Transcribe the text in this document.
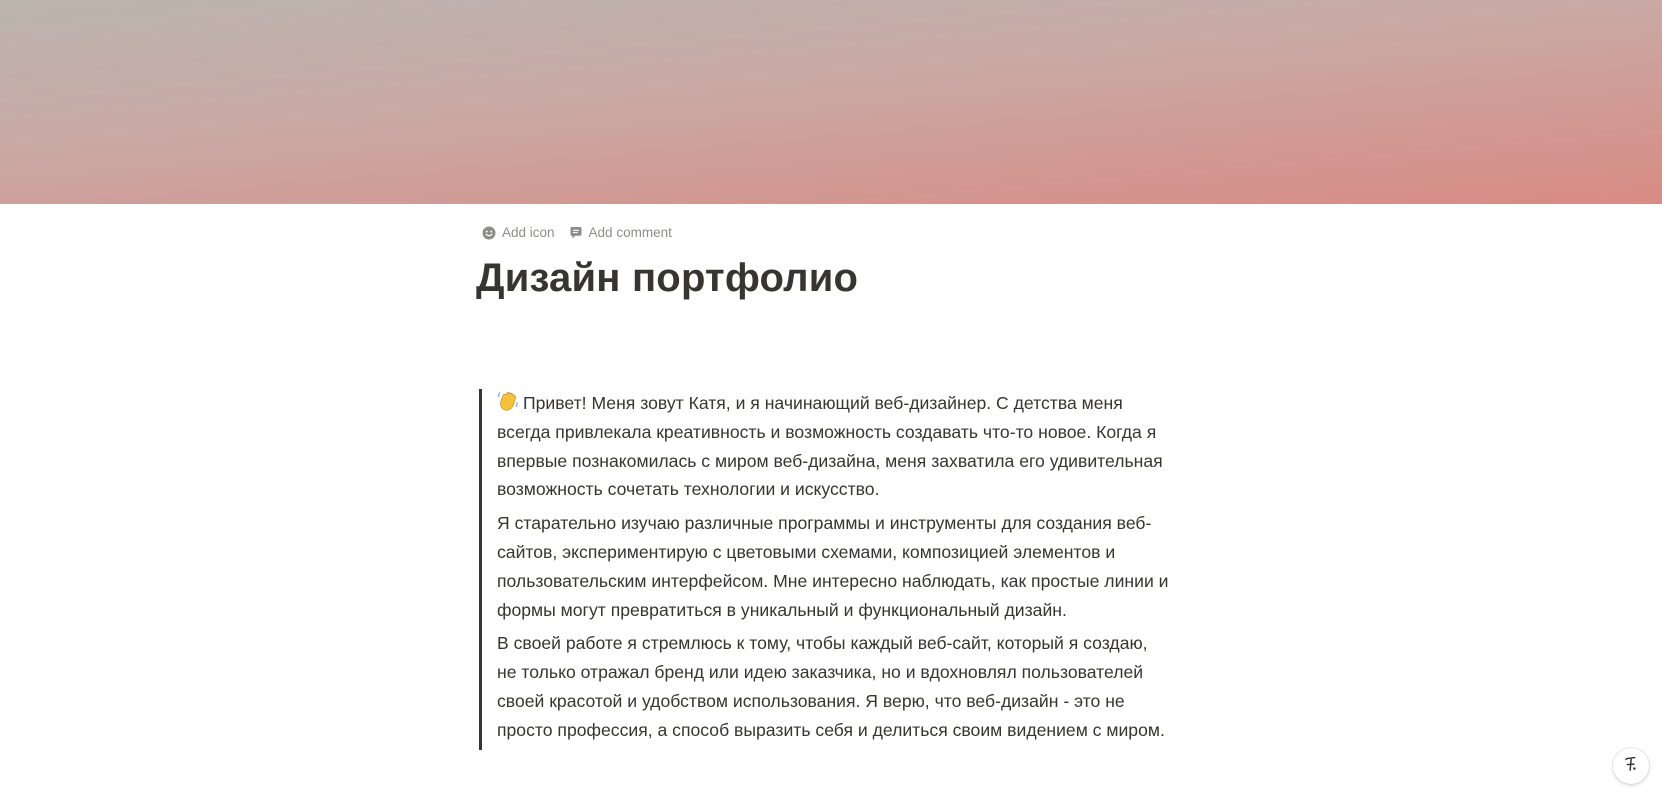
Add icon	Add comment
Дизайн портфолио

Привет! Меня зовут Катя, и я начинающий веб-дизайнер. С детства меня всегда привлекала креативность и возможность создавать что-то новое. Когда я впервые познакомилась с миром веб-дизайна, меня захватила его удивительная возможность сочетать технологии и искусство.

Я старательно изучаю различные программы и инструменты для создания веб-сайтов, экспериментирую с цветовыми схемами, композицией элементов и пользовательским интерфейсом. Мне интересно наблюдать, как простые линии и формы могут превратиться в уникальный и функциональный дизайн.

В своей работе я стремлюсь к тому, чтобы каждый веб-сайт, который я создаю, не только отражал бренд или идею заказчика, но и вдохновлял пользователей своей красотой и удобством использования. Я верю, что веб-дизайн - это не просто профессия, а способ выразить себя и делиться своим видением с миром.
